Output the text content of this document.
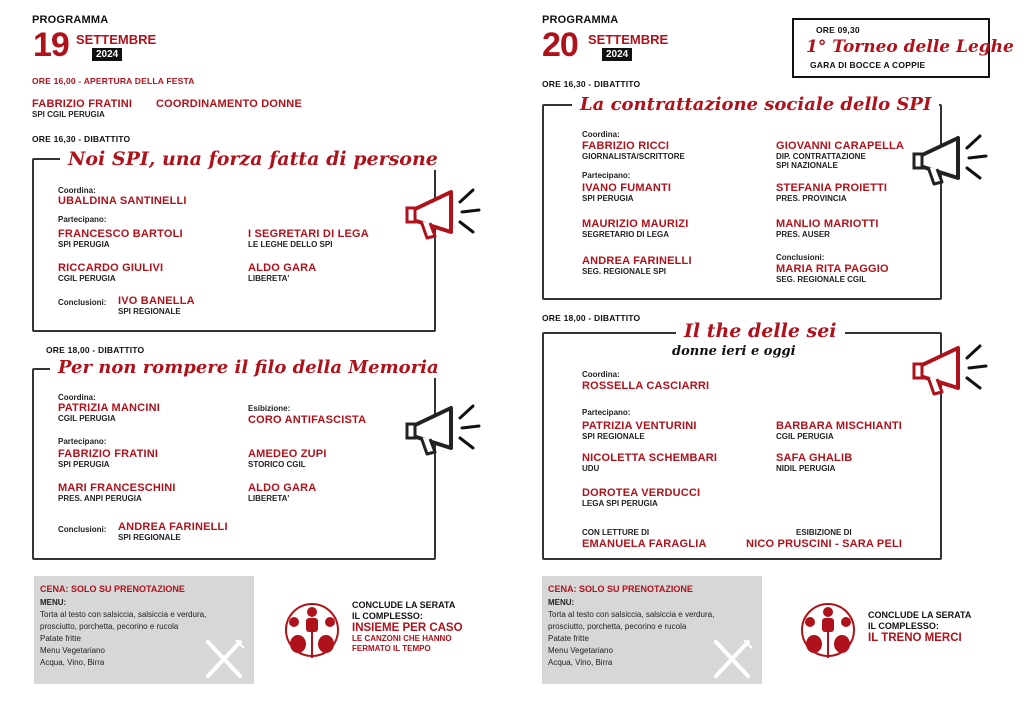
PROGRAMMA
19 SETTEMBRE
2024
ORE 16,00 - APERTURA DELLA FESTA
FABRIZIO FRATINI
SPI CGIL PERUGIA
COORDINAMENTO DONNE
ORE 16,30 - DIBATTITO
Noi SPI, una forza fatta di persone
Coordina:
UBALDINA SANTINELLI
Partecipano:
FRANCESCO BARTOLI
SPI PERUGIA
I SEGRETARI DI LEGA
LE LEGHE DELLO SPI
RICCARDO GIULIVI
CGIL PERUGIA
ALDO GARA
LIBERETA'
Conclusioni: IVO BANELLA
SPI REGIONALE
ORE 18,00 - DIBATTITO
Per non rompere il filo della Memoria
Coordina:
PATRIZIA MANCINI
CGIL PERUGIA
Esibizione:
CORO ANTIFASCISTA
Partecipano:
FABRIZIO FRATINI
SPI PERUGIA
AMEDEO ZUPI
STORICO CGIL
MARI FRANCESCHINI
PRES. ANPI PERUGIA
ALDO GARA
LIBERETA'
Conclusioni: ANDREA FARINELLI
SPI REGIONALE
CENA: SOLO SU PRENOTAZIONE
MENU:
Torta al testo con salsiccia, salsiccia e verdura,
prosciutto, porchetta, pecorino e rucola
Patate fritte
Menu Vegetariano
Acqua, Vino, Birra
CONCLUDE LA SERATA
IL COMPLESSO:
INSIEME PER CASO
LE CANZONI CHE HANNO
FERMATO IL TEMPO
PROGRAMMA
20 SETTEMBRE
2024
ORE 09,30
1° Torneo delle Leghe
GARA DI BOCCE A COPPIE
ORE 16,30 - DIBATTITO
La contrattazione sociale dello SPI
Coordina:
FABRIZIO RICCI
GIORNALISTA/SCRITTORE
GIOVANNI CARAPELLA
DIP. CONTRATTAZIONE
SPI NAZIONALE
Partecipano:
IVANO FUMANTI
SPI PERUGIA
STEFANIA PROIETTI
PRES. PROVINCIA
MAURIZIO MAURIZI
SEGRETARIO DI LEGA
MANLIO MARIOTTI
PRES. AUSER
ANDREA FARINELLI
SEG. REGIONALE SPI
Conclusioni:
MARIA RITA PAGGIO
SEG. REGIONALE CGIL
ORE 18,00 - DIBATTITO
Il the delle sei
donne ieri e oggi
Coordina:
ROSSELLA CASCIARRI
Partecipano:
PATRIZIA VENTURINI
SPI REGIONALE
BARBARA MISCHIANTI
CGIL PERUGIA
NICOLETTA SCHEMBARI
UDU
SAFA GHALIB
NIDIL PERUGIA
DOROTEA VERDUCCI
LEGA SPI PERUGIA
CON LETTURE DI
EMANUELA FARAGLIA
ESIBIZIONE DI
NICO PRUSCINI - SARA PELI
CENA: SOLO SU PRENOTAZIONE
MENU:
Torta al testo con salsiccia, salsiccia e verdura,
prosciutto, porchetta, pecorino e rucola
Patate fritte
Menu Vegetariano
Acqua, Vino, Birra
CONCLUDE LA SERATA
IL COMPLESSO:
IL TRENO MERCI
